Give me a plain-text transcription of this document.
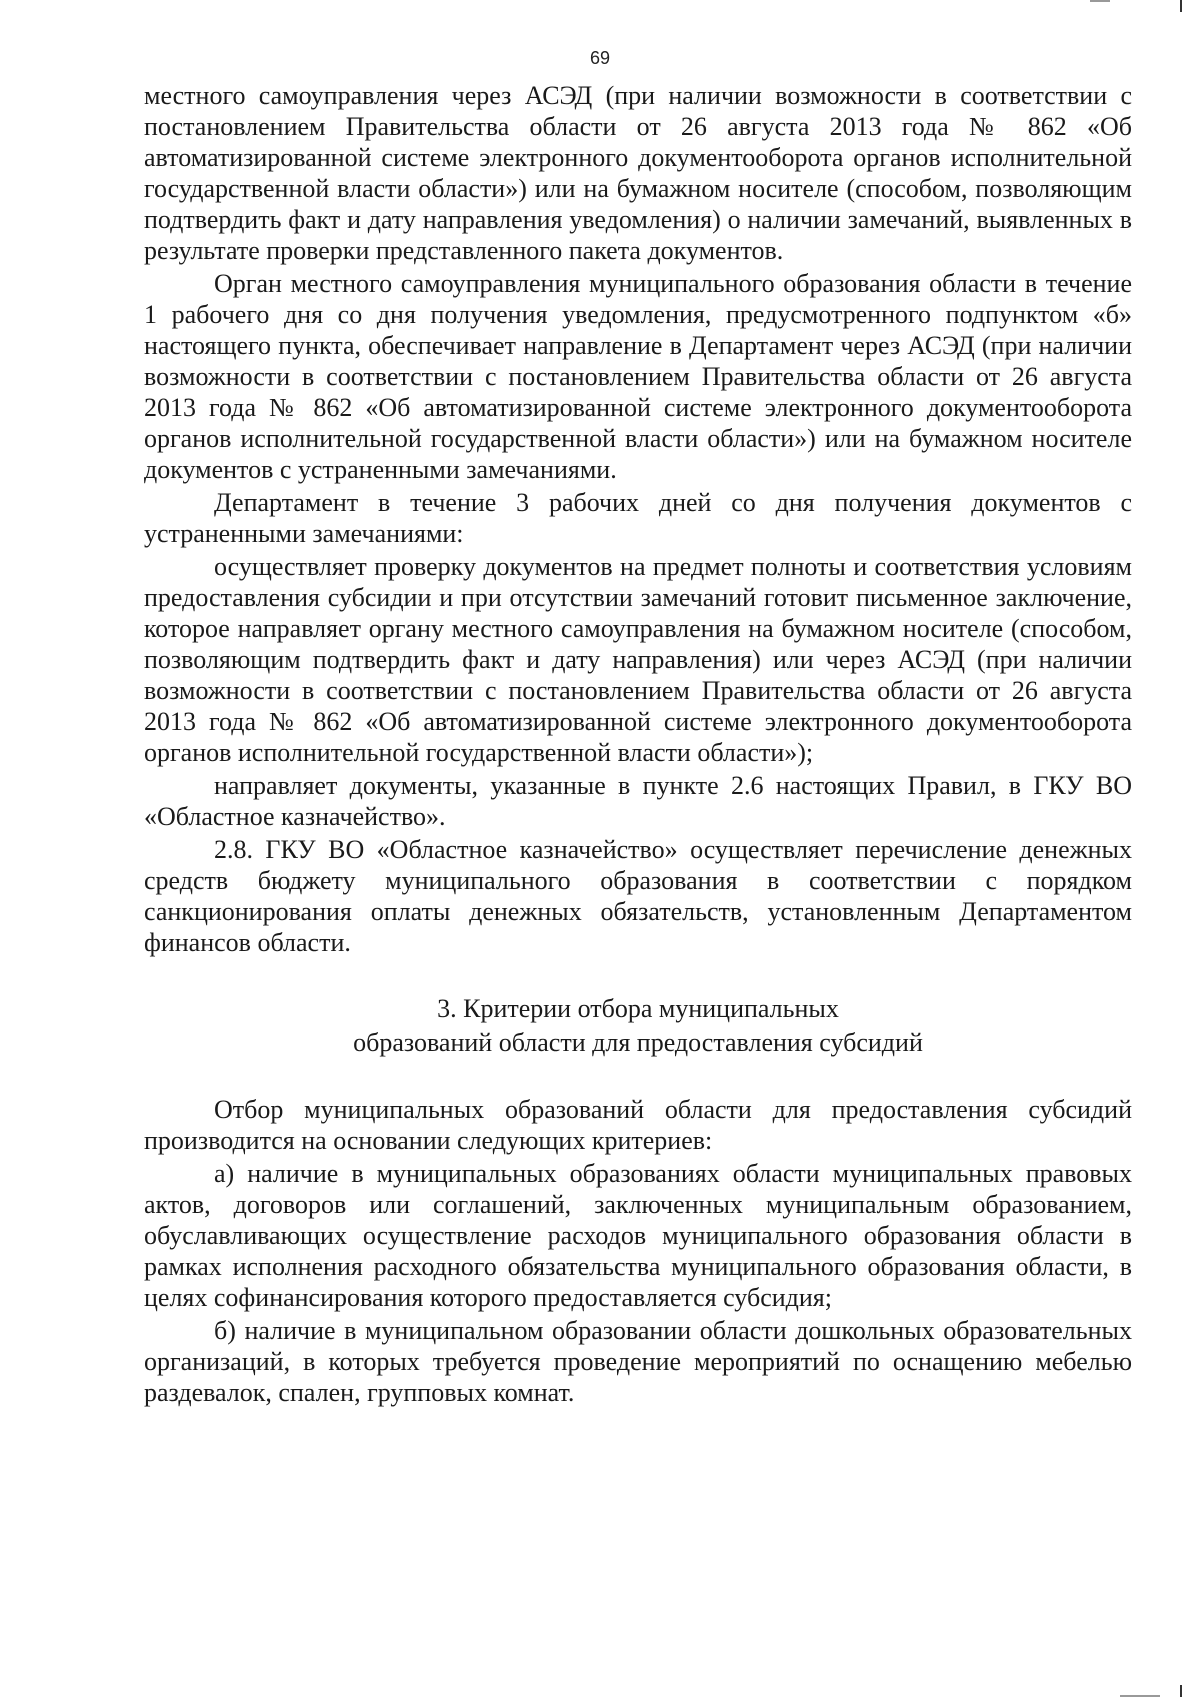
69

местного самоуправления через АСЭД (при наличии возможности в соответствии с постановлением Правительства области от 26 августа 2013 года № 862 «Об автоматизированной системе электронного документооборота органов исполнительной государственной власти области») или на бумажном носителе (способом, позволяющим подтвердить факт и дату направления уведомления) о наличии замечаний, выявленных в результате проверки представленного пакета документов.

Орган местного самоуправления муниципального образования области в течение 1 рабочего дня со дня получения уведомления, предусмотренного подпунктом «б» настоящего пункта, обеспечивает направление в Департамент через АСЭД (при наличии возможности в соответствии с постановлением Правительства области от 26 августа 2013 года № 862 «Об автоматизированной системе электронного документооборота органов исполнительной государственной власти области») или на бумажном носителе документов с устраненными замечаниями.

Департамент в течение 3 рабочих дней со дня получения документов с устраненными замечаниями:

осуществляет проверку документов на предмет полноты и соответствия условиям предоставления субсидии и при отсутствии замечаний готовит письменное заключение, которое направляет органу местного самоуправления на бумажном носителе (способом, позволяющим подтвердить факт и дату направления) или через АСЭД (при наличии возможности в соответствии с постановлением Правительства области от 26 августа 2013 года № 862 «Об автоматизированной системе электронного документооборота органов исполнительной государственной власти области»);

направляет документы, указанные в пункте 2.6 настоящих Правил, в ГКУ ВО «Областное казначейство».

2.8. ГКУ ВО «Областное казначейство» осуществляет перечисление денежных средств бюджету муниципального образования в соответствии с порядком санкционирования оплаты денежных обязательств, установленным Департаментом финансов области.

3. Критерии отбора муниципальных
образований области для предоставления субсидий

Отбор муниципальных образований области для предоставления субсидий производится на основании следующих критериев:

а) наличие в муниципальных образованиях области муниципальных правовых актов, договоров или соглашений, заключенных муниципальным образованием, обуславливающих осуществление расходов муниципального образования области в рамках исполнения расходного обязательства муниципального образования области, в целях софинансирования которого предоставляется субсидия;

б) наличие в муниципальном образовании области дошкольных образовательных организаций, в которых требуется проведение мероприятий по оснащению мебелью раздевалок, спален, групповых комнат.
